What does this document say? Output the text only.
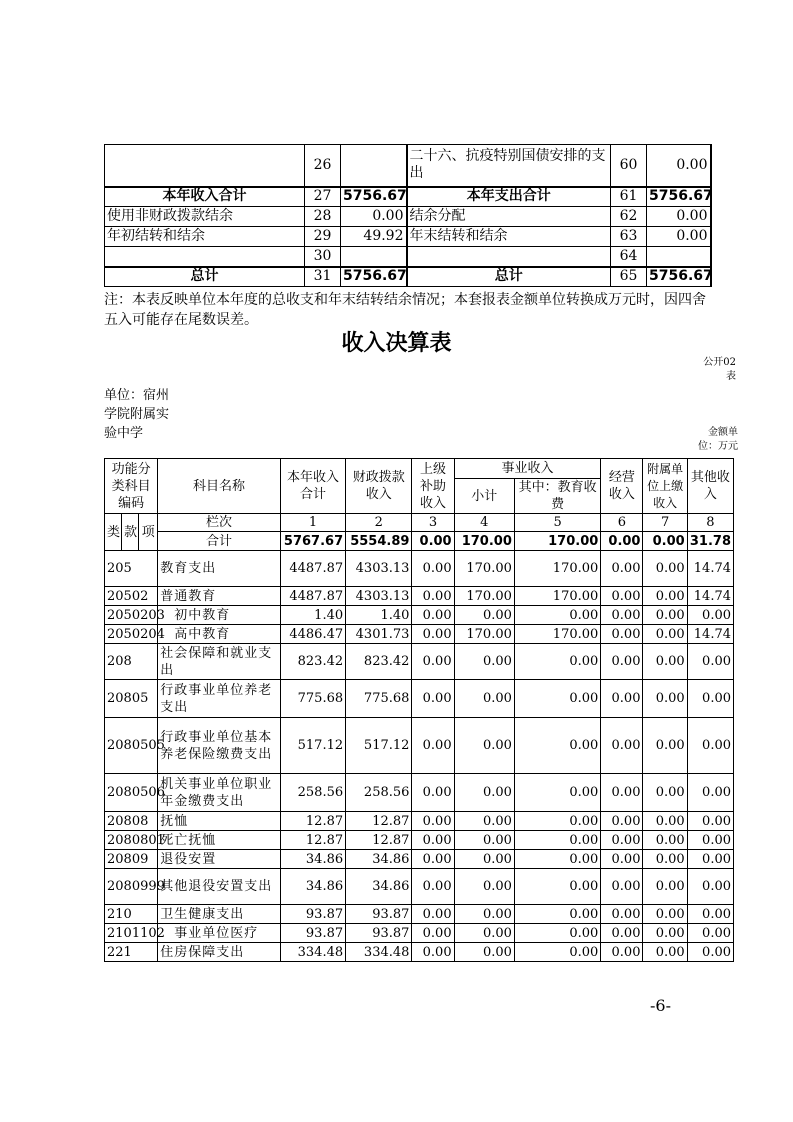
	26		二十六、抗疫特别国债安排的支出	60	0.00
本年收入合计	27	5756.67	本年支出合计	61	5756.67
使用非财政拨款结余	28	0.00	结余分配	62	0.00
年初结转和结余	29	49.92	年末结转和结余	63	0.00
	30			64	
总计	31	5756.67	总计	65	5756.67
注：本表反映单位本年度的总收支和年末结转结余情况；本套报表金额单位转换成万元时，因四舍五入可能存在尾数误差。
收入决算表
公开02表
单位：宿州学院附属实验中学	金额单位：万元
功能分类科目编码			科目名称	本年收入合计	财政拨款收入	上级补助收入	事业收入		经营收入	附属单位上缴收入	其他收入
							小计	其中：教育收费			
类	款	项	栏次	1	2	3	4	5	6	7	8
			合计	5767.67	5554.89	0.00	170.00	170.00	0.00	0.00	31.78
205			教育支出	4487.87	4303.13	0.00	170.00	170.00	0.00	0.00	14.74
20502			普通教育	4487.87	4303.13	0.00	170.00	170.00	0.00	0.00	14.74
2050203			初中教育	1.40	1.40	0.00	0.00	0.00	0.00	0.00	0.00
2050204			高中教育	4486.47	4301.73	0.00	170.00	170.00	0.00	0.00	14.74
208			社会保障和就业支出	823.42	823.42	0.00	0.00	0.00	0.00	0.00	0.00
20805			行政事业单位养老支出	775.68	775.68	0.00	0.00	0.00	0.00	0.00	0.00
2080505			行政事业单位基本养老保险缴费支出	517.12	517.12	0.00	0.00	0.00	0.00	0.00	0.00
2080506			机关事业单位职业年金缴费支出	258.56	258.56	0.00	0.00	0.00	0.00	0.00	0.00
20808			抚恤	12.87	12.87	0.00	0.00	0.00	0.00	0.00	0.00
2080801			死亡抚恤	12.87	12.87	0.00	0.00	0.00	0.00	0.00	0.00
20809			退役安置	34.86	34.86	0.00	0.00	0.00	0.00	0.00	0.00
2080999			其他退役安置支出	34.86	34.86	0.00	0.00	0.00	0.00	0.00	0.00
210			卫生健康支出	93.87	93.87	0.00	0.00	0.00	0.00	0.00	0.00
2101102			事业单位医疗	93.87	93.87	0.00	0.00	0.00	0.00	0.00	0.00
221			住房保障支出	334.48	334.48	0.00	0.00	0.00	0.00	0.00	0.00
-6-
